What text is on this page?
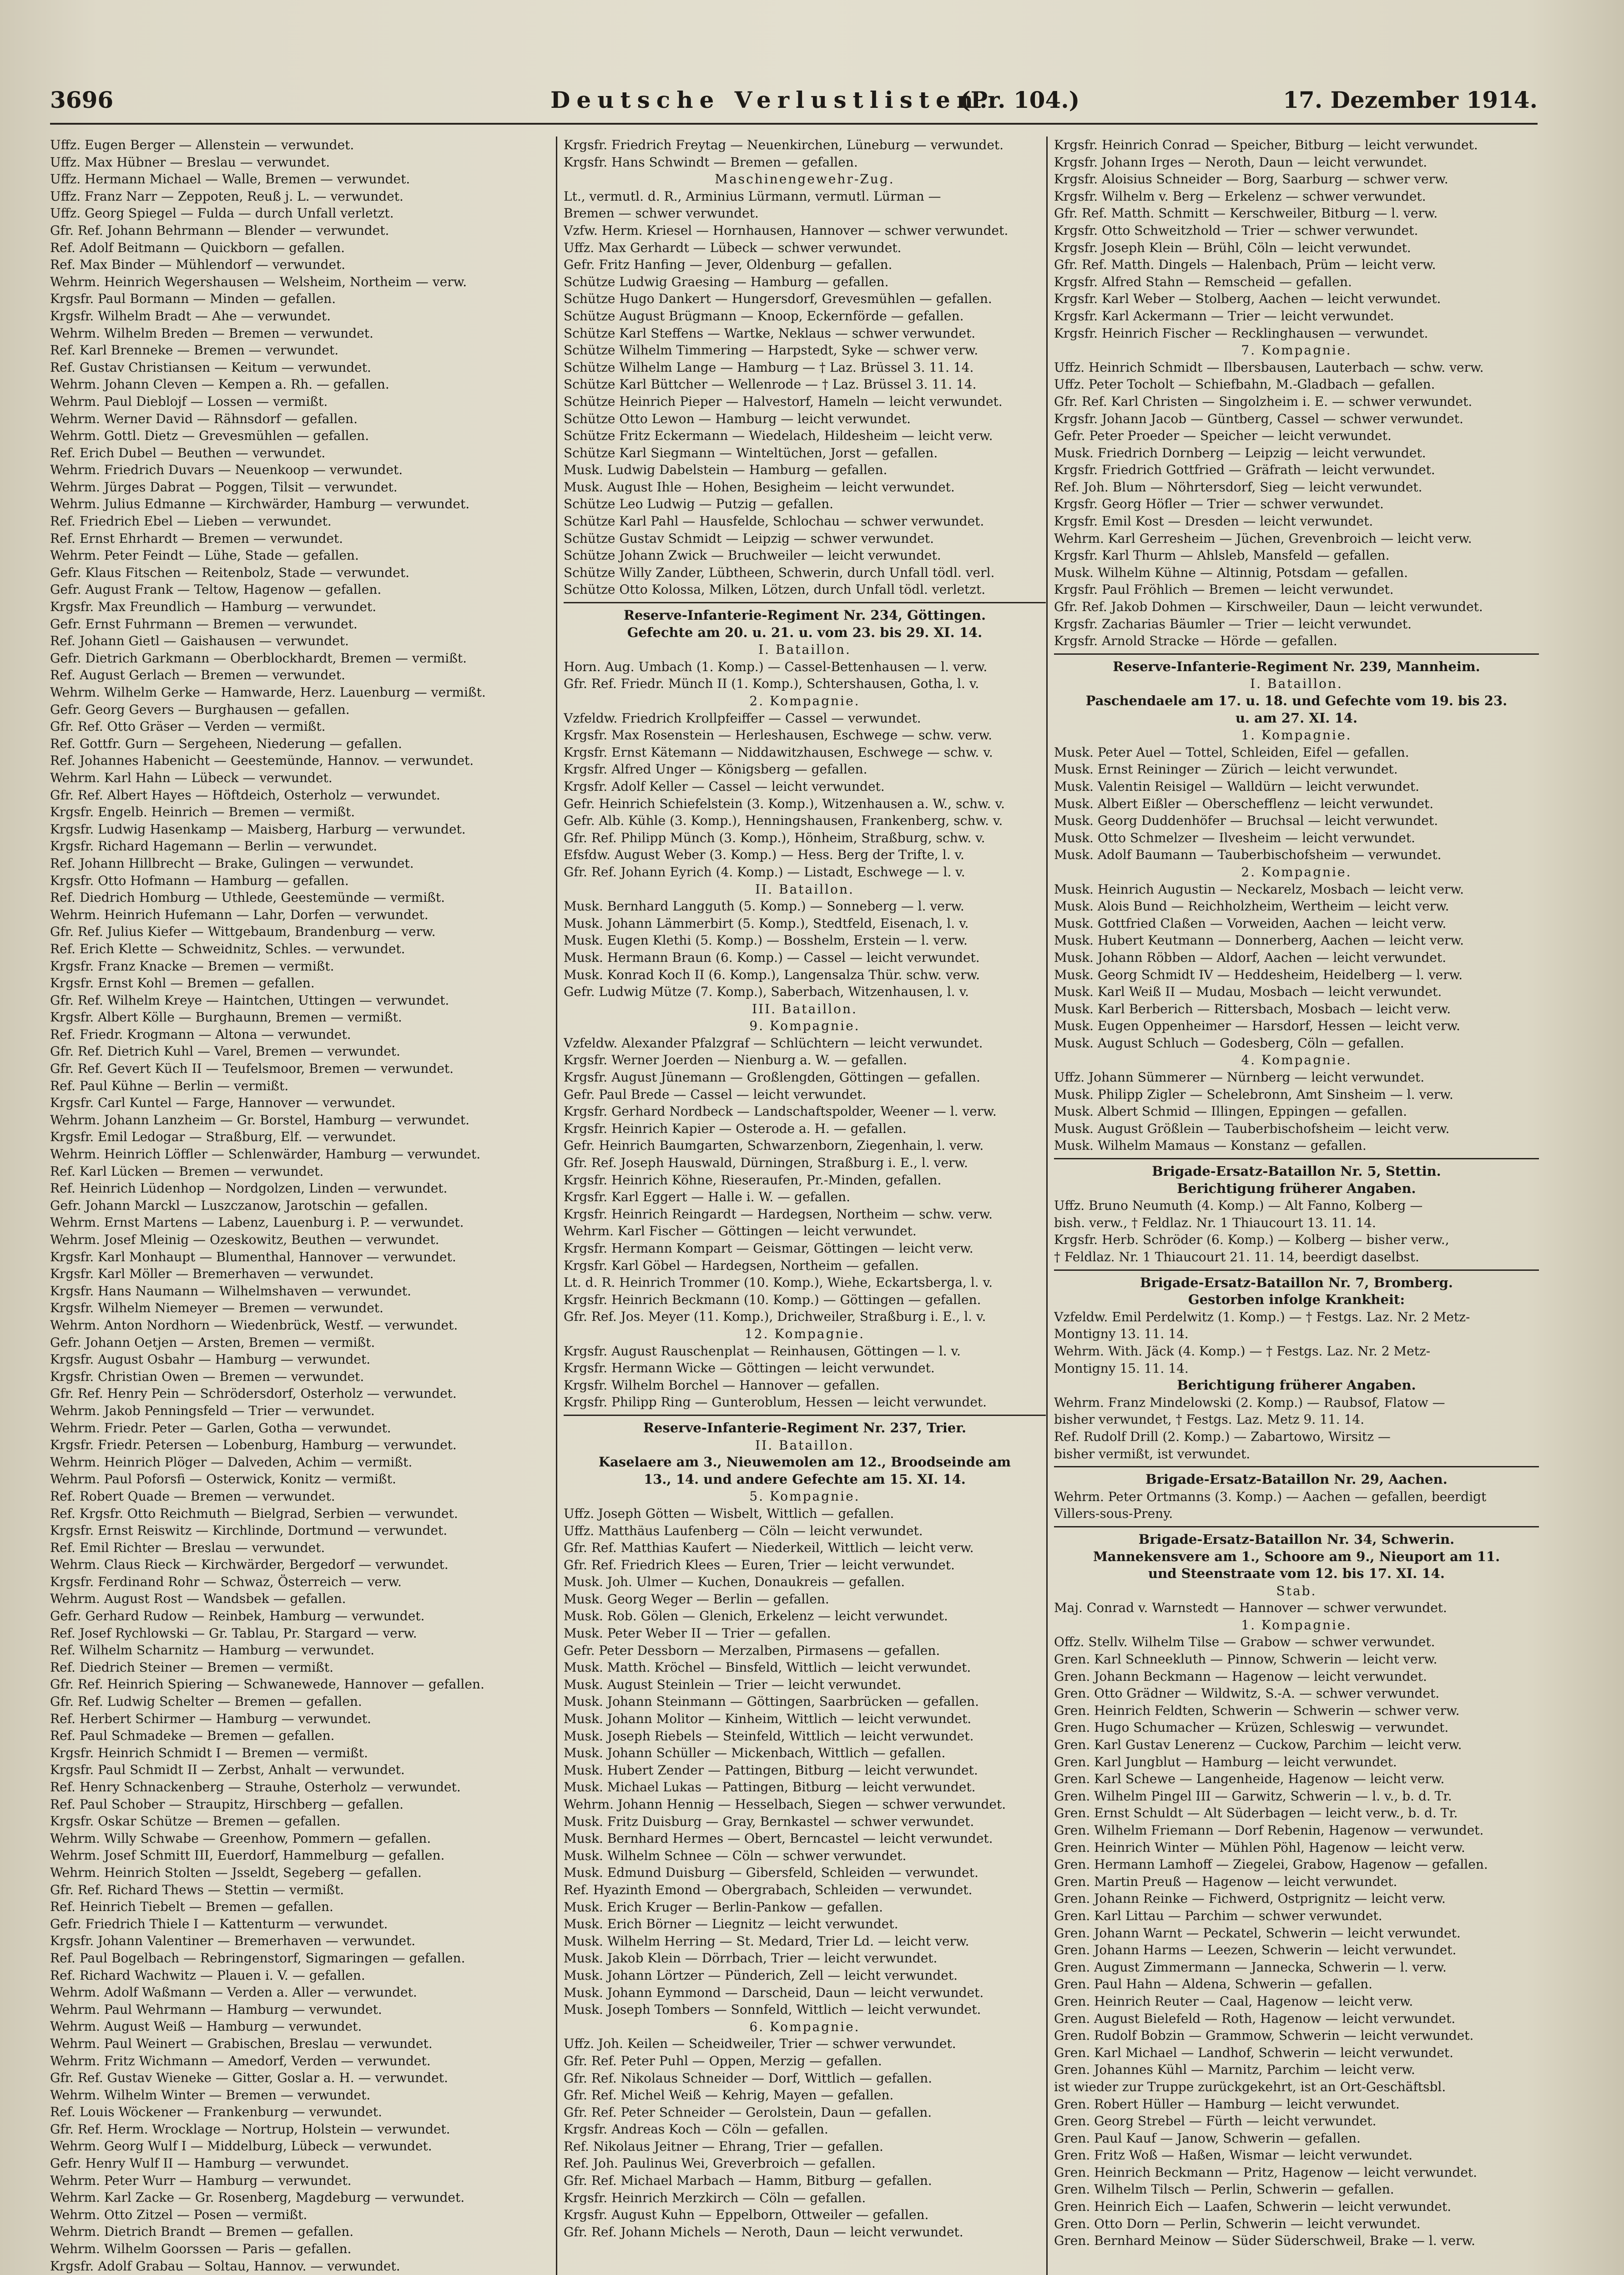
3696	Deutsche Verlustlisten.
(Pr. 104.)	17. Dezember 1914.
Uffz. Eugen Berger — Allenstein — verwundet.
Uffz. Max Hübner — Breslau — verwundet.
Uffz. Hermann Michael — Walle, Bremen — verwundet.
Uffz. Franz Narr — Zeppoten, Reuß j. L. — verwundet.
Uffz. Georg Spiegel — Fulda — durch Unfall verletzt.
Gfr. Ref. Johann Behrmann — Blender — verwundet.
Ref. Adolf Beitmann — Quickborn — gefallen.
Ref. Max Binder — Mühlendorf — verwundet.
Wehrm. Heinrich Wegershausen — Welsheim, Northeim — verw.
Krgsfr. Paul Bormann — Minden — gefallen.
Krgsfr. Wilhelm Bradt — Ahe — verwundet.
Wehrm. Wilhelm Breden — Bremen — verwundet.
Ref. Karl Brenneke — Bremen — verwundet.
Ref. Gustav Christiansen — Keitum — verwundet.
Wehrm. Johann Cleven — Kempen a. Rh. — gefallen.
Wehrm. Paul Dieblojf — Lossen — vermißt.
Wehrm. Werner David — Rähnsdorf — gefallen.
Wehrm. Gottl. Dietz — Grevesmühlen — gefallen.
Ref. Erich Dubel — Beuthen — verwundet.
Wehrm. Friedrich Duvars — Neuenkoop — verwundet.
Wehrm. Jürges Dabrat — Poggen, Tilsit — verwundet.
Wehrm. Julius Edmanne — Kirchwärder, Hamburg — verwundet.
Ref. Friedrich Ebel — Lieben — verwundet.
Ref. Ernst Ehrhardt — Bremen — verwundet.
Wehrm. Peter Feindt — Lühe, Stade — gefallen.
Gefr. Klaus Fitschen — Reitenbolz, Stade — verwundet.
Gefr. August Frank — Teltow, Hagenow — gefallen.
Krgsfr. Max Freundlich — Hamburg — verwundet.
Gefr. Ernst Fuhrmann — Bremen — verwundet.
Ref. Johann Gietl — Gaishausen — verwundet.
Gefr. Dietrich Garkmann — Oberblockhardt, Bremen — vermißt.
Ref. August Gerlach — Bremen — verwundet.
Wehrm. Wilhelm Gerke — Hamwarde, Herz. Lauenburg — vermißt.
Gefr. Georg Gevers — Burghausen — gefallen.
Gfr. Ref. Otto Gräser — Verden — vermißt.
Ref. Gottfr. Gurn — Sergeheen, Niederung — gefallen.
Ref. Johannes Habenicht — Geestemünde, Hannov. — verwundet.
Wehrm. Karl Hahn — Lübeck — verwundet.
Gfr. Ref. Albert Hayes — Höftdeich, Osterholz — verwundet.
Krgsfr. Engelb. Heinrich — Bremen — vermißt.
Krgsfr. Ludwig Hasenkamp — Maisberg, Harburg — verwundet.
Krgsfr. Richard Hagemann — Berlin — verwundet.
Ref. Johann Hillbrecht — Brake, Gulingen — verwundet.
Krgsfr. Otto Hofmann — Hamburg — gefallen.
Ref. Diedrich Homburg — Uthlede, Geestemünde — vermißt.
Wehrm. Heinrich Hufemann — Lahr, Dorfen — verwundet.
Gfr. Ref. Julius Kiefer — Wittgebaum, Brandenburg — verw.
Ref. Erich Klette — Schweidnitz, Schles. — verwundet.
Krgsfr. Franz Knacke — Bremen — vermißt.
Krgsfr. Ernst Kohl — Bremen — gefallen.
Gfr. Ref. Wilhelm Kreye — Haintchen, Uttingen — verwundet.
Krgsfr. Albert Kölle — Burghaunn, Bremen — vermißt.
Ref. Friedr. Krogmann — Altona — verwundet.
Gfr. Ref. Dietrich Kuhl — Varel, Bremen — verwundet.
Gfr. Ref. Gevert Küch II — Teufelsmoor, Bremen — verwundet.
Ref. Paul Kühne — Berlin — vermißt.
Krgsfr. Carl Kuntel — Farge, Hannover — verwundet.
Wehrm. Johann Lanzheim — Gr. Borstel, Hamburg — verwundet.
Krgsfr. Emil Ledogar — Straßburg, Elf. — verwundet.
Wehrm. Heinrich Löffler — Schlenwärder, Hamburg — verwundet.
Ref. Karl Lücken — Bremen — verwundet.
Ref. Heinrich Lüdenhop — Nordgolzen, Linden — verwundet.
Gefr. Johann Marckl — Luszczanow, Jarotschin — gefallen.
Wehrm. Ernst Martens — Labenz, Lauenburg i. P. — verwundet.
Wehrm. Josef Mleinig — Ozeskowitz, Beuthen — verwundet.
Krgsfr. Karl Monhaupt — Blumenthal, Hannover — verwundet.
Krgsfr. Karl Möller — Bremerhaven — verwundet.
Krgsfr. Hans Naumann — Wilhelmshaven — verwundet.
Krgsfr. Wilhelm Niemeyer — Bremen — verwundet.
Wehrm. Anton Nordhorn — Wiedenbrück, Westf. — verwundet.
Gefr. Johann Oetjen — Arsten, Bremen — vermißt.
Krgsfr. August Osbahr — Hamburg — verwundet.
Krgsfr. Christian Owen — Bremen — verwundet.
Gfr. Ref. Henry Pein — Schrödersdorf, Osterholz — verwundet.
Wehrm. Jakob Penningsfeld — Trier — verwundet.
Wehrm. Friedr. Peter — Garlen, Gotha — verwundet.
Krgsfr. Friedr. Petersen — Lobenburg, Hamburg — verwundet.
Wehrm. Heinrich Plöger — Dalveden, Achim — vermißt.
Wehrm. Paul Poforsfi — Osterwick, Konitz — vermißt.
Ref. Robert Quade — Bremen — verwundet.
Ref. Krgsfr. Otto Reichmuth — Bielgrad, Serbien — verwundet.
Krgsfr. Ernst Reiswitz — Kirchlinde, Dortmund — verwundet.
Ref. Emil Richter — Breslau — verwundet.
Wehrm. Claus Rieck — Kirchwärder, Bergedorf — verwundet.
Krgsfr. Ferdinand Rohr — Schwaz, Österreich — verw.
Wehrm. August Rost — Wandsbek — gefallen.
Gefr. Gerhard Rudow — Reinbek, Hamburg — verwundet.
Ref. Josef Rychlowski — Gr. Tablau, Pr. Stargard — verw.
Ref. Wilhelm Scharnitz — Hamburg — verwundet.
Ref. Diedrich Steiner — Bremen — vermißt.
Gfr. Ref. Heinrich Spiering — Schwanewede, Hannover — gefallen.
Gfr. Ref. Ludwig Schelter — Bremen — gefallen.
Ref. Herbert Schirmer — Hamburg — verwundet.
Ref. Paul Schmadeke — Bremen — gefallen.
Krgsfr. Heinrich Schmidt I — Bremen — vermißt.
Krgsfr. Paul Schmidt II — Zerbst, Anhalt — verwundet.
Ref. Henry Schnackenberg — Strauhe, Osterholz — verwundet.
Ref. Paul Schober — Straupitz, Hirschberg — gefallen.
Krgsfr. Oskar Schütze — Bremen — gefallen.
Wehrm. Willy Schwabe — Greenhow, Pommern — gefallen.
Wehrm. Josef Schmitt III, Euerdorf, Hammelburg — gefallen.
Wehrm. Heinrich Stolten — Jsseldt, Segeberg — gefallen.
Gfr. Ref. Richard Thews — Stettin — vermißt.
Ref. Heinrich Tiebelt — Bremen — gefallen.
Gefr. Friedrich Thiele I — Kattenturm — verwundet.
Krgsfr. Johann Valentiner — Bremerhaven — verwundet.
Ref. Paul Bogelbach — Rebringenstorf, Sigmaringen — gefallen.
Ref. Richard Wachwitz — Plauen i. V. — gefallen.
Wehrm. Adolf Waßmann — Verden a. Aller — verwundet.
Wehrm. Paul Wehrmann — Hamburg — verwundet.
Wehrm. August Weiß — Hamburg — verwundet.
Wehrm. Paul Weinert — Grabischen, Breslau — verwundet.
Wehrm. Fritz Wichmann — Amedorf, Verden — verwundet.
Gfr. Ref. Gustav Wieneke — Gitter, Goslar a. H. — verwundet.
Wehrm. Wilhelm Winter — Bremen — verwundet.
Ref. Louis Wöckener — Frankenburg — verwundet.
Gfr. Ref. Herm. Wrocklage — Nortrup, Holstein — verwundet.
Wehrm. Georg Wulf I — Middelburg, Lübeck — verwundet.
Gefr. Henry Wulf II — Hamburg — verwundet.
Wehrm. Peter Wurr — Hamburg — verwundet.
Wehrm. Karl Zacke — Gr. Rosenberg, Magdeburg — verwundet.
Wehrm. Otto Zitzel — Posen — vermißt.
Wehrm. Dietrich Brandt — Bremen — gefallen.
Wehrm. Wilhelm Goorssen — Paris — gefallen.
Krgsfr. Adolf Grabau — Soltau, Hannov. — verwundet.
Krgsfr. Friedrich Freytag — Neuenkirchen, Lüneburg — verwundet.
Krgsfr. Hans Schwindt — Bremen — gefallen.
Maschinengewehr-Zug.
Lt., vermutl. d. R., Arminius Lürmann, vermutl. Lürman —
Bremen — schwer verwundet.
Vzfw. Herm. Kriesel — Hornhausen, Hannover — schwer verwundet.
Uffz. Max Gerhardt — Lübeck — schwer verwundet.
Gefr. Fritz Hanfing — Jever, Oldenburg — gefallen.
Schütze Ludwig Graesing — Hamburg — gefallen.
Schütze Hugo Dankert — Hungersdorf, Grevesmühlen — gefallen.
Schütze August Brügmann — Knoop, Eckernförde — gefallen.
Schütze Karl Steffens — Wartke, Neklaus — schwer verwundet.
Schütze Wilhelm Timmering — Harpstedt, Syke — schwer verw.
Schütze Wilhelm Lange — Hamburg — † Laz. Brüssel 3. 11. 14.
Schütze Karl Büttcher — Wellenrode — † Laz. Brüssel 3. 11. 14.
Schütze Heinrich Pieper — Halvestorf, Hameln — leicht verwundet.
Schütze Otto Lewon — Hamburg — leicht verwundet.
Schütze Fritz Eckermann — Wiedelach, Hildesheim — leicht verw.
Schütze Karl Siegmann — Winteltüchen, Jorst — gefallen.
Musk. Ludwig Dabelstein — Hamburg — gefallen.
Musk. August Ihle — Hohen, Besigheim — leicht verwundet.
Schütze Leo Ludwig — Putzig — gefallen.
Schütze Karl Pahl — Hausfelde, Schlochau — schwer verwundet.
Schütze Gustav Schmidt — Leipzig — schwer verwundet.
Schütze Johann Zwick — Bruchweiler — leicht verwundet.
Schütze Willy Zander, Lübtheen, Schwerin, durch Unfall tödl. verl.
Schütze Otto Kolossa, Milken, Lötzen, durch Unfall tödl. verletzt.
Reserve-Infanterie-Regiment Nr. 234, Göttingen.
Gefechte am 20. u. 21. u. vom 23. bis 29. XI. 14.
I. Bataillon.
Horn. Aug. Umbach (1. Komp.) — Cassel-Bettenhausen — l. verw.
Gfr. Ref. Friedr. Münch II (1. Komp.), Schtershausen, Gotha, l. v.
2. Kompagnie.
Vzfeldw. Friedrich Krollpfeiffer — Cassel — verwundet.
Krgsfr. Max Rosenstein — Herleshausen, Eschwege — schw. verw.
Krgsfr. Ernst Kätemann — Niddawitzhausen, Eschwege — schw. v.
Krgsfr. Alfred Unger — Königsberg — gefallen.
Krgsfr. Adolf Keller — Cassel — leicht verwundet.
Gefr. Heinrich Schiefelstein (3. Komp.), Witzenhausen a. W., schw. v.
Gefr. Alb. Kühle (3. Komp.), Henningshausen, Frankenberg, schw. v.
Gfr. Ref. Philipp Münch (3. Komp.), Hönheim, Straßburg, schw. v.
Efsfdw. August Weber (3. Komp.) — Hess. Berg der Trifte, l. v.
Gfr. Ref. Johann Eyrich (4. Komp.) — Listadt, Eschwege — l. v.
II. Bataillon.
Musk. Bernhard Langguth (5. Komp.) — Sonneberg — l. verw.
Musk. Johann Lämmerbirt (5. Komp.), Stedtfeld, Eisenach, l. v.
Musk. Eugen Klethi (5. Komp.) — Bosshelm, Erstein — l. verw.
Musk. Hermann Braun (6. Komp.) — Cassel — leicht verwundet.
Musk. Konrad Koch II (6. Komp.), Langensalza Thür. schw. verw.
Gefr. Ludwig Mütze (7. Komp.), Saberbach, Witzenhausen, l. v.
III. Bataillon.
9. Kompagnie.
Vzfeldw. Alexander Pfalzgraf — Schlüchtern — leicht verwundet.
Krgsfr. Werner Joerden — Nienburg a. W. — gefallen.
Krgsfr. August Jünemann — Großlengden, Göttingen — gefallen.
Gefr. Paul Brede — Cassel — leicht verwundet.
Krgsfr. Gerhard Nordbeck — Landschaftspolder, Weener — l. verw.
Krgsfr. Heinrich Kapier — Osterode a. H. — gefallen.
Gefr. Heinrich Baumgarten, Schwarzenborn, Ziegenhain, l. verw.
Gfr. Ref. Joseph Hauswald, Dürningen, Straßburg i. E., l. verw.
Krgsfr. Heinrich Köhne, Rieseraufen, Pr.-Minden, gefallen.
Krgsfr. Karl Eggert — Halle i. W. — gefallen.
Krgsfr. Heinrich Reingardt — Hardegsen, Northeim — schw. verw.
Wehrm. Karl Fischer — Göttingen — leicht verwundet.
Krgsfr. Hermann Kompart — Geismar, Göttingen — leicht verw.
Krgsfr. Karl Göbel — Hardegsen, Northeim — gefallen.
Lt. d. R. Heinrich Trommer (10. Komp.), Wiehe, Eckartsberga, l. v.
Krgsfr. Heinrich Beckmann (10. Komp.) — Göttingen — gefallen.
Gfr. Ref. Jos. Meyer (11. Komp.), Drichweiler, Straßburg i. E., l. v.
12. Kompagnie.
Krgsfr. August Rauschenplat — Reinhausen, Göttingen — l. v.
Krgsfr. Hermann Wicke — Göttingen — leicht verwundet.
Krgsfr. Wilhelm Borchel — Hannover — gefallen.
Krgsfr. Philipp Ring — Gunteroblum, Hessen — leicht verwundet.
Reserve-Infanterie-Regiment Nr. 237, Trier.
II. Bataillon.
Kaselaere am 3., Nieuwemolen am 12., Broodseinde am
13., 14. und andere Gefechte am 15. XI. 14.
5. Kompagnie.
Uffz. Joseph Götten — Wisbelt, Wittlich — gefallen.
Uffz. Matthäus Laufenberg — Cöln — leicht verwundet.
Gfr. Ref. Matthias Kaufert — Niederkeil, Wittlich — leicht verw.
Gfr. Ref. Friedrich Klees — Euren, Trier — leicht verwundet.
Musk. Joh. Ulmer — Kuchen, Donaukreis — gefallen.
Musk. Georg Weger — Berlin — gefallen.
Musk. Rob. Gölen — Glenich, Erkelenz — leicht verwundet.
Musk. Peter Weber II — Trier — gefallen.
Gefr. Peter Dessborn — Merzalben, Pirmasens — gefallen.
Musk. Matth. Kröchel — Binsfeld, Wittlich — leicht verwundet.
Musk. August Steinlein — Trier — leicht verwundet.
Musk. Johann Steinmann — Göttingen, Saarbrücken — gefallen.
Musk. Johann Molitor — Kinheim, Wittlich — leicht verwundet.
Musk. Joseph Riebels — Steinfeld, Wittlich — leicht verwundet.
Musk. Johann Schüller — Mickenbach, Wittlich — gefallen.
Musk. Hubert Zender — Pattingen, Bitburg — leicht verwundet.
Musk. Michael Lukas — Pattingen, Bitburg — leicht verwundet.
Wehrm. Johann Hennig — Hesselbach, Siegen — schwer verwundet.
Musk. Fritz Duisburg — Gray, Bernkastel — schwer verwundet.
Musk. Bernhard Hermes — Obert, Berncastel — leicht verwundet.
Musk. Wilhelm Schnee — Cöln — schwer verwundet.
Musk. Edmund Duisburg — Gibersfeld, Schleiden — verwundet.
Ref. Hyazinth Emond — Obergrabach, Schleiden — verwundet.
Musk. Erich Kruger — Berlin-Pankow — gefallen.
Musk. Erich Börner — Liegnitz — leicht verwundet.
Musk. Wilhelm Herring — St. Medard, Trier Ld. — leicht verw.
Musk. Jakob Klein — Dörrbach, Trier — leicht verwundet.
Musk. Johann Lörtzer — Pünderich, Zell — leicht verwundet.
Musk. Johann Eymmond — Darscheid, Daun — leicht verwundet.
Musk. Joseph Tombers — Sonnfeld, Wittlich — leicht verwundet.
6. Kompagnie.
Uffz. Joh. Keilen — Scheidweiler, Trier — schwer verwundet.
Gfr. Ref. Peter Puhl — Oppen, Merzig — gefallen.
Gfr. Ref. Nikolaus Schneider — Dorf, Wittlich — gefallen.
Gfr. Ref. Michel Weiß — Kehrig, Mayen — gefallen.
Gfr. Ref. Peter Schneider — Gerolstein, Daun — gefallen.
Krgsfr. Andreas Koch — Cöln — gefallen.
Ref. Nikolaus Jeitner — Ehrang, Trier — gefallen.
Ref. Joh. Paulinus Wei, Greverbroich — gefallen.
Gfr. Ref. Michael Marbach — Hamm, Bitburg — gefallen.
Krgsfr. Heinrich Merzkirch — Cöln — gefallen.
Krgsfr. August Kuhn — Eppelborn, Ottweiler — gefallen.
Gfr. Ref. Johann Michels — Neroth, Daun — leicht verwundet.
Krgsfr. Heinrich Conrad — Speicher, Bitburg — leicht verwundet.
Krgsfr. Johann Irges — Neroth, Daun — leicht verwundet.
Krgsfr. Aloisius Schneider — Borg, Saarburg — schwer verw.
Krgsfr. Wilhelm v. Berg — Erkelenz — schwer verwundet.
Gfr. Ref. Matth. Schmitt — Kerschweiler, Bitburg — l. verw.
Krgsfr. Otto Schweitzhold — Trier — schwer verwundet.
Krgsfr. Joseph Klein — Brühl, Cöln — leicht verwundet.
Gfr. Ref. Matth. Dingels — Halenbach, Prüm — leicht verw.
Krgsfr. Alfred Stahn — Remscheid — gefallen.
Krgsfr. Karl Weber — Stolberg, Aachen — leicht verwundet.
Krgsfr. Karl Ackermann — Trier — leicht verwundet.
Krgsfr. Heinrich Fischer — Recklinghausen — verwundet.
7. Kompagnie.
Uffz. Heinrich Schmidt — Ilbersbausen, Lauterbach — schw. verw.
Uffz. Peter Tocholt — Schiefbahn, M.-Gladbach — gefallen.
Gfr. Ref. Karl Christen — Singolzheim i. E. — schwer verwundet.
Krgsfr. Johann Jacob — Güntberg, Cassel — schwer verwundet.
Gefr. Peter Proeder — Speicher — leicht verwundet.
Musk. Friedrich Dornberg — Leipzig — leicht verwundet.
Krgsfr. Friedrich Gottfried — Gräfrath — leicht verwundet.
Ref. Joh. Blum — Nöhrtersdorf, Sieg — leicht verwundet.
Krgsfr. Georg Höfler — Trier — schwer verwundet.
Krgsfr. Emil Kost — Dresden — leicht verwundet.
Wehrm. Karl Gerresheim — Jüchen, Grevenbroich — leicht verw.
Krgsfr. Karl Thurm — Ahlsleb, Mansfeld — gefallen.
Musk. Wilhelm Kühne — Altinnig, Potsdam — gefallen.
Krgsfr. Paul Fröhlich — Bremen — leicht verwundet.
Gfr. Ref. Jakob Dohmen — Kirschweiler, Daun — leicht verwundet.
Krgsfr. Zacharias Bäumler — Trier — leicht verwundet.
Krgsfr. Arnold Stracke — Hörde — gefallen.
Reserve-Infanterie-Regiment Nr. 239, Mannheim.
I. Bataillon.
Paschendaele am 17. u. 18. und Gefechte vom 19. bis 23.
u. am 27. XI. 14.
1. Kompagnie.
Musk. Peter Auel — Tottel, Schleiden, Eifel — gefallen.
Musk. Ernst Reininger — Zürich — leicht verwundet.
Musk. Valentin Reisigel — Walldürn — leicht verwundet.
Musk. Albert Eißler — Oberschefflenz — leicht verwundet.
Musk. Georg Duddenhöfer — Bruchsal — leicht verwundet.
Musk. Otto Schmelzer — Ilvesheim — leicht verwundet.
Musk. Adolf Baumann — Tauberbischofsheim — verwundet.
2. Kompagnie.
Musk. Heinrich Augustin — Neckarelz, Mosbach — leicht verw.
Musk. Alois Bund — Reichholzheim, Wertheim — leicht verw.
Musk. Gottfried Claßen — Vorweiden, Aachen — leicht verw.
Musk. Hubert Keutmann — Donnerberg, Aachen — leicht verw.
Musk. Johann Röbben — Aldorf, Aachen — leicht verwundet.
Musk. Georg Schmidt IV — Heddesheim, Heidelberg — l. verw.
Musk. Karl Weiß II — Mudau, Mosbach — leicht verwundet.
Musk. Karl Berberich — Rittersbach, Mosbach — leicht verw.
Musk. Eugen Oppenheimer — Harsdorf, Hessen — leicht verw.
Musk. August Schluch — Godesberg, Cöln — gefallen.
4. Kompagnie.
Uffz. Johann Sümmerer — Nürnberg — leicht verwundet.
Musk. Philipp Zigler — Schelebronn, Amt Sinsheim — l. verw.
Musk. Albert Schmid — Illingen, Eppingen — gefallen.
Musk. August Größlein — Tauberbischofsheim — leicht verw.
Musk. Wilhelm Mamaus — Konstanz — gefallen.
Brigade-Ersatz-Bataillon Nr. 5, Stettin.
Berichtigung früherer Angaben.
Uffz. Bruno Neumuth (4. Komp.) — Alt Fanno, Kolberg —
bish. verw., † Feldlaz. Nr. 1 Thiaucourt 13. 11. 14.
Krgsfr. Herb. Schröder (6. Komp.) — Kolberg — bisher verw.,
† Feldlaz. Nr. 1 Thiaucourt 21. 11. 14, beerdigt daselbst.
Brigade-Ersatz-Bataillon Nr. 7, Bromberg.
Gestorben infolge Krankheit:
Vzfeldw. Emil Perdelwitz (1. Komp.) — † Festgs. Laz. Nr. 2 Metz-
Montigny 13. 11. 14.
Wehrm. With. Jäck (4. Komp.) — † Festgs. Laz. Nr. 2 Metz-
Montigny 15. 11. 14.
Berichtigung früherer Angaben.
Wehrm. Franz Mindelowski (2. Komp.) — Raubsof, Flatow —
bisher verwundet, † Festgs. Laz. Metz 9. 11. 14.
Ref. Rudolf Drill (2. Komp.) — Zabartowo, Wirsitz —
bisher vermißt, ist verwundet.
Brigade-Ersatz-Bataillon Nr. 29, Aachen.
Wehrm. Peter Ortmanns (3. Komp.) — Aachen — gefallen, beerdigt
Villers-sous-Preny.
Brigade-Ersatz-Bataillon Nr. 34, Schwerin.
Mannekensvere am 1., Schoore am 9., Nieuport am 11.
und Steenstraate vom 12. bis 17. XI. 14.
Stab.
Maj. Conrad v. Warnstedt — Hannover — schwer verwundet.
1. Kompagnie.
Offz. Stellv. Wilhelm Tilse — Grabow — schwer verwundet.
Gren. Karl Schneekluth — Pinnow, Schwerin — leicht verw.
Gren. Johann Beckmann — Hagenow — leicht verwundet.
Gren. Otto Grädner — Wildwitz, S.-A. — schwer verwundet.
Gren. Heinrich Feldten, Schwerin — Schwerin — schwer verw.
Gren. Hugo Schumacher — Krüzen, Schleswig — verwundet.
Gren. Karl Gustav Lenerenz — Cuckow, Parchim — leicht verw.
Gren. Karl Jungblut — Hamburg — leicht verwundet.
Gren. Karl Schewe — Langenheide, Hagenow — leicht verw.
Gren. Wilhelm Pingel III — Garwitz, Schwerin — l. v., b. d. Tr.
Gren. Ernst Schuldt — Alt Süderbagen — leicht verw., b. d. Tr.
Gren. Wilhelm Friemann — Dorf Rebenin, Hagenow — verwundet.
Gren. Heinrich Winter — Mühlen Pöhl, Hagenow — leicht verw.
Gren. Hermann Lamhoff — Ziegelei, Grabow, Hagenow — gefallen.
Gren. Martin Preuß — Hagenow — leicht verwundet.
Gren. Johann Reinke — Fichwerd, Ostprignitz — leicht verw.
Gren. Karl Littau — Parchim — schwer verwundet.
Gren. Johann Warnt — Peckatel, Schwerin — leicht verwundet.
Gren. Johann Harms — Leezen, Schwerin — leicht verwundet.
Gren. August Zimmermann — Jannecka, Schwerin — l. verw.
Gren. Paul Hahn — Aldena, Schwerin — gefallen.
Gren. Heinrich Reuter — Caal, Hagenow — leicht verw.
Gren. August Bielefeld — Roth, Hagenow — leicht verwundet.
Gren. Rudolf Bobzin — Grammow, Schwerin — leicht verwundet.
Gren. Karl Michael — Landhof, Schwerin — leicht verwundet.
Gren. Johannes Kühl — Marnitz, Parchim — leicht verw.
ist wieder zur Truppe zurückgekehrt, ist an Ort-Geschäftsbl.
Gren. Robert Hüller — Hamburg — leicht verwundet.
Gren. Georg Strebel — Fürth — leicht verwundet.
Gren. Paul Kauf — Janow, Schwerin — gefallen.
Gren. Fritz Woß — Haßen, Wismar — leicht verwundet.
Gren. Heinrich Beckmann — Pritz, Hagenow — leicht verwundet.
Gren. Wilhelm Tilsch — Perlin, Schwerin — gefallen.
Gren. Heinrich Eich — Laafen, Schwerin — leicht verwundet.
Gren. Otto Dorn — Perlin, Schwerin — leicht verwundet.
Gren. Bernhard Meinow — Süder Süderschweil, Brake — l. verw.
